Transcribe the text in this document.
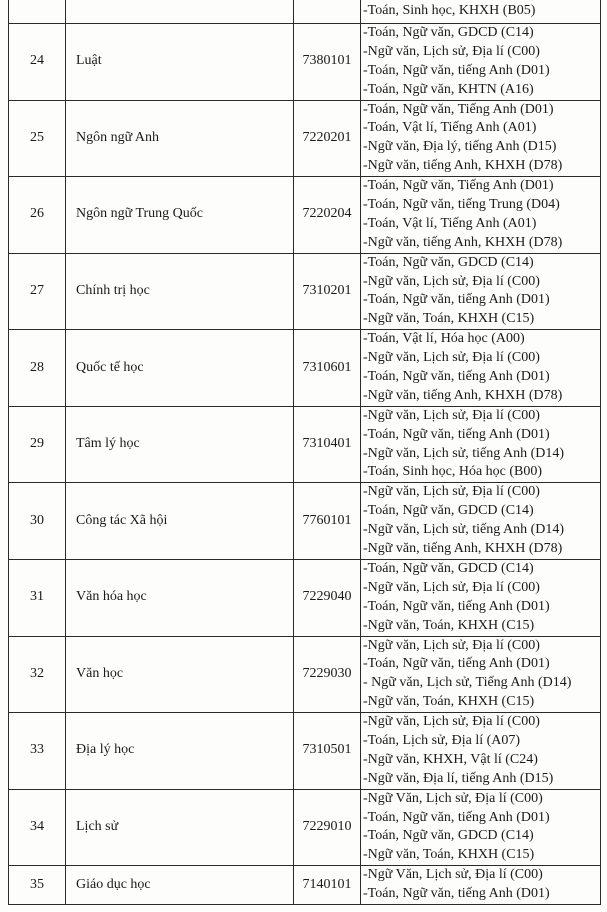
			-Toán, Sinh học, KHXH (B05)

24	Luật	7380101	-Toán, Ngữ văn, GDCD (C14)
-Ngữ văn, Lịch sử, Địa lí (C00)
-Toán, Ngữ văn, tiếng Anh (D01)
-Toán, Ngữ văn, KHTN (A16)

25	Ngôn ngữ Anh	7220201	-Toán, Ngữ văn, Tiếng Anh (D01)
-Toán, Vật lí, Tiếng Anh (A01)
-Ngữ văn, Địa lý, tiếng Anh (D15)
-Ngữ văn, tiếng Anh, KHXH (D78)

26	Ngôn ngữ Trung Quốc	7220204	-Toán, Ngữ văn, Tiếng Anh (D01)
-Toán, Ngữ văn, tiếng Trung (D04)
-Toán, Vật lí, Tiếng Anh (A01)
-Ngữ văn, tiếng Anh, KHXH (D78)

27	Chính trị học	7310201	-Toán, Ngữ văn, GDCD (C14)
-Ngữ văn, Lịch sử, Địa lí (C00)
-Toán, Ngữ văn, tiếng Anh (D01)
-Ngữ văn, Toán, KHXH (C15)

28	Quốc tế học	7310601	-Toán, Vật lí, Hóa học (A00)
-Ngữ văn, Lịch sử, Địa lí (C00)
-Toán, Ngữ văn, tiếng Anh (D01)
-Ngữ văn, tiếng Anh, KHXH (D78)

29	Tâm lý học	7310401	-Ngữ văn, Lịch sử, Địa lí (C00)
-Toán, Ngữ văn, tiếng Anh (D01)
-Ngữ văn, Lịch sử, tiếng Anh (D14)
-Toán, Sinh học, Hóa học (B00)

30	Công tác Xã hội	7760101	-Ngữ văn, Lịch sử, Địa lí (C00)
-Toán, Ngữ văn, GDCD (C14)
-Ngữ văn, Lịch sử, tiếng Anh (D14)
-Ngữ văn, tiếng Anh, KHXH (D78)

31	Văn hóa học	7229040	-Toán, Ngữ văn, GDCD (C14)
-Ngữ văn, Lịch sử, Địa lí (C00)
-Toán, Ngữ văn, tiếng Anh (D01)
-Ngữ văn, Toán, KHXH (C15)

32	Văn học	7229030	-Ngữ văn, Lịch sử, Địa lí (C00)
-Toán, Ngữ văn, tiếng Anh (D01)
- Ngữ văn, Lịch sử, Tiếng Anh (D14)
-Ngữ văn, Toán, KHXH (C15)

33	Địa lý học	7310501	-Ngữ văn, Lịch sử, Địa lí (C00)
-Toán, Lịch sử, Địa lí (A07)
-Ngữ văn, KHXH, Vật lí (C24)
-Ngữ văn, Địa lí, tiếng Anh (D15)

34	Lịch sử	7229010	-Ngữ Văn, Lịch sử, Địa lí (C00)
-Toán, Ngữ văn, tiếng Anh (D01)
-Toán, Ngữ văn, GDCD (C14)
-Ngữ văn, Toán, KHXH (C15)

35	Giáo dục học	7140101	-Ngữ Văn, Lịch sử, Địa lí (C00)
-Toán, Ngữ văn, tiếng Anh (D01)
